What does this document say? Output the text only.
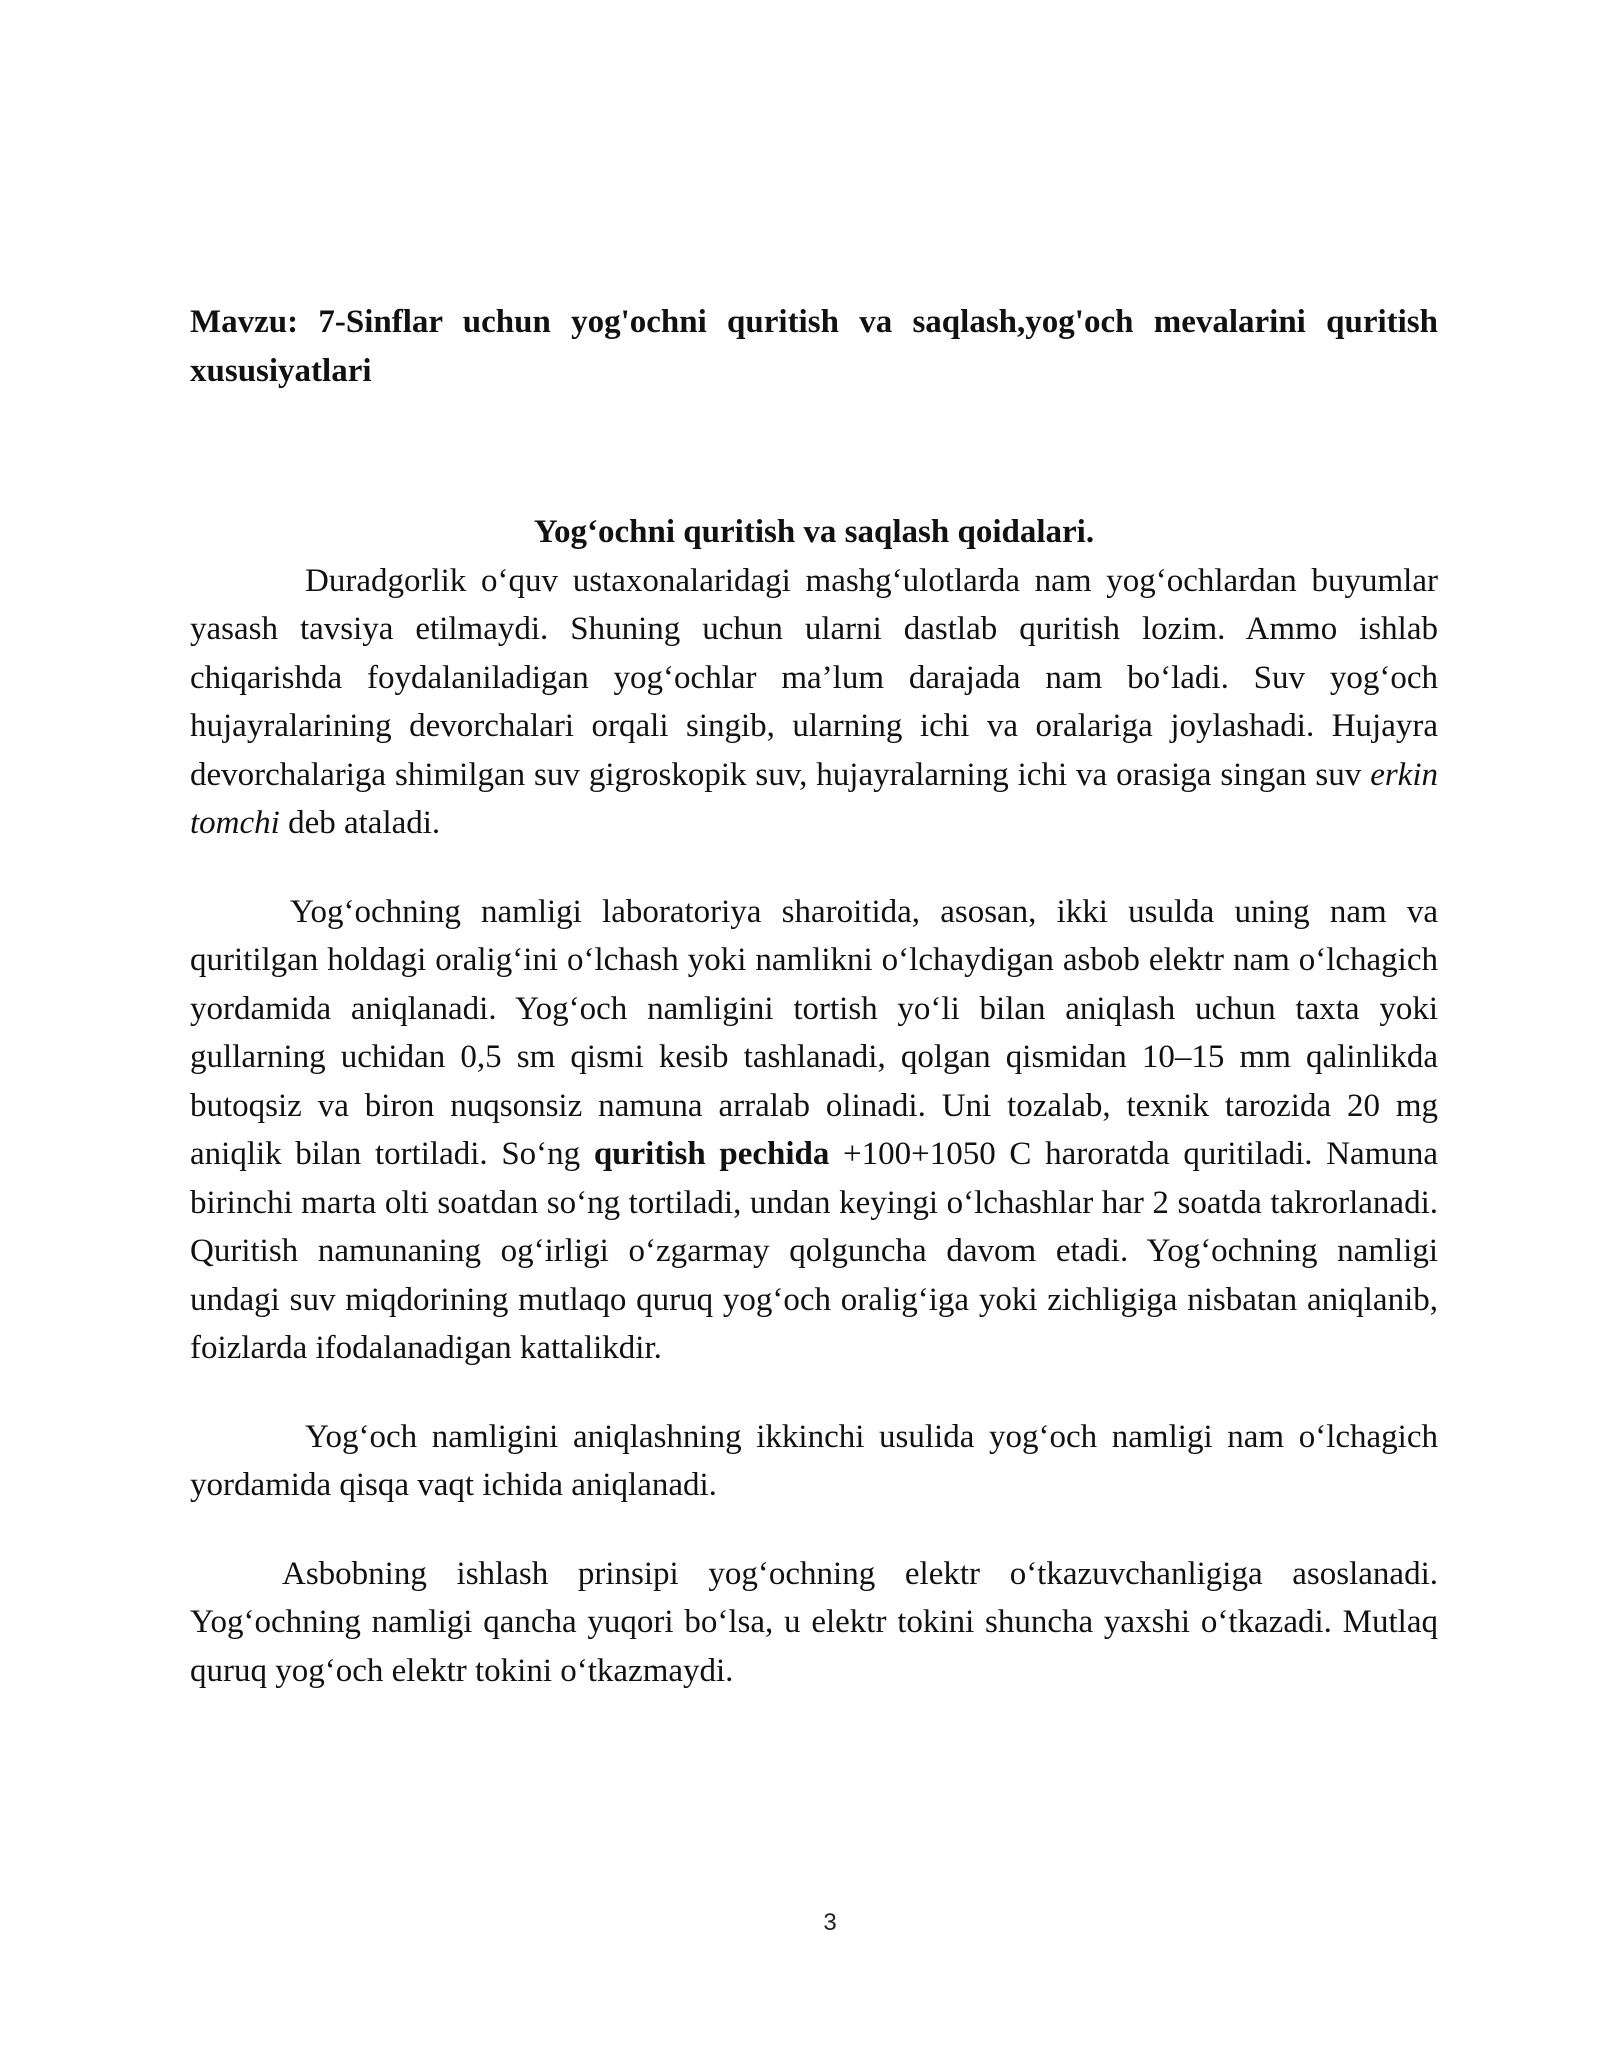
Mavzu: 7-Sinflar uchun yog'ochni quritish va saqlash,yog'och mevalarini quritish xususiyatlari

Yog‘ochni quritish va saqlash qoidalari.

Duradgorlik o‘quv ustaxonalaridagi mashg‘ulotlarda nam yog‘ochlardan buyumlar yasash tavsiya etilmaydi. Shuning uchun ularni dastlab quritish lozim. Ammo ishlab chiqarishda foydalaniladigan yog‘ochlar ma’lum darajada nam bo‘ladi. Suv yog‘och hujayralarining devorchalari orqali singib, ularning ichi va oralariga joylashadi. Hujayra devorchalariga shimilgan suv gigroskopik suv, hujayralarning ichi va orasiga singan suv erkin tomchi deb ataladi.

Yog‘ochning namligi laboratoriya sharoitida, asosan, ikki usulda uning nam va quritilgan holdagi oralig‘ini o‘lchash yoki namlikni o‘lchaydigan asbob elektr nam o‘lchagich yordamida aniqlanadi. Yog‘och namligini tortish yo‘li bilan aniqlash uchun taxta yoki gullarning uchidan 0,5 sm qismi kesib tashlanadi, qolgan qismidan 10–15 mm qalinlikda butoqsiz va biron nuqsonsiz namuna arralab olinadi. Uni tozalab, texnik tarozida 20 mg aniqlik bilan tortiladi. So‘ng quritish pechida +100+1050 C haroratda quritiladi. Namuna birinchi marta olti soatdan so‘ng tortiladi, undan keyingi o‘lchashlar har 2 soatda takrorlanadi. Quritish namunaning og‘irligi o‘zgarmay qolguncha davom etadi. Yog‘ochning namligi undagi suv miqdorining mutlaqo quruq yog‘och oralig‘iga yoki zichligiga nisbatan aniqlanib, foizlarda ifodalanadigan kattalikdir.

Yog‘och namligini aniqlashning ikkinchi usulida yog‘och namligi nam o‘lchagich yordamida qisqa vaqt ichida aniqlanadi.

Asbobning ishlash prinsipi yog‘ochning elektr o‘tkazuvchanligiga asoslanadi. Yog‘ochning namligi qancha yuqori bo‘lsa, u elektr tokini shuncha yaxshi o‘tkazadi. Mutlaq quruq yog‘och elektr tokini o‘tkazmaydi.

3
